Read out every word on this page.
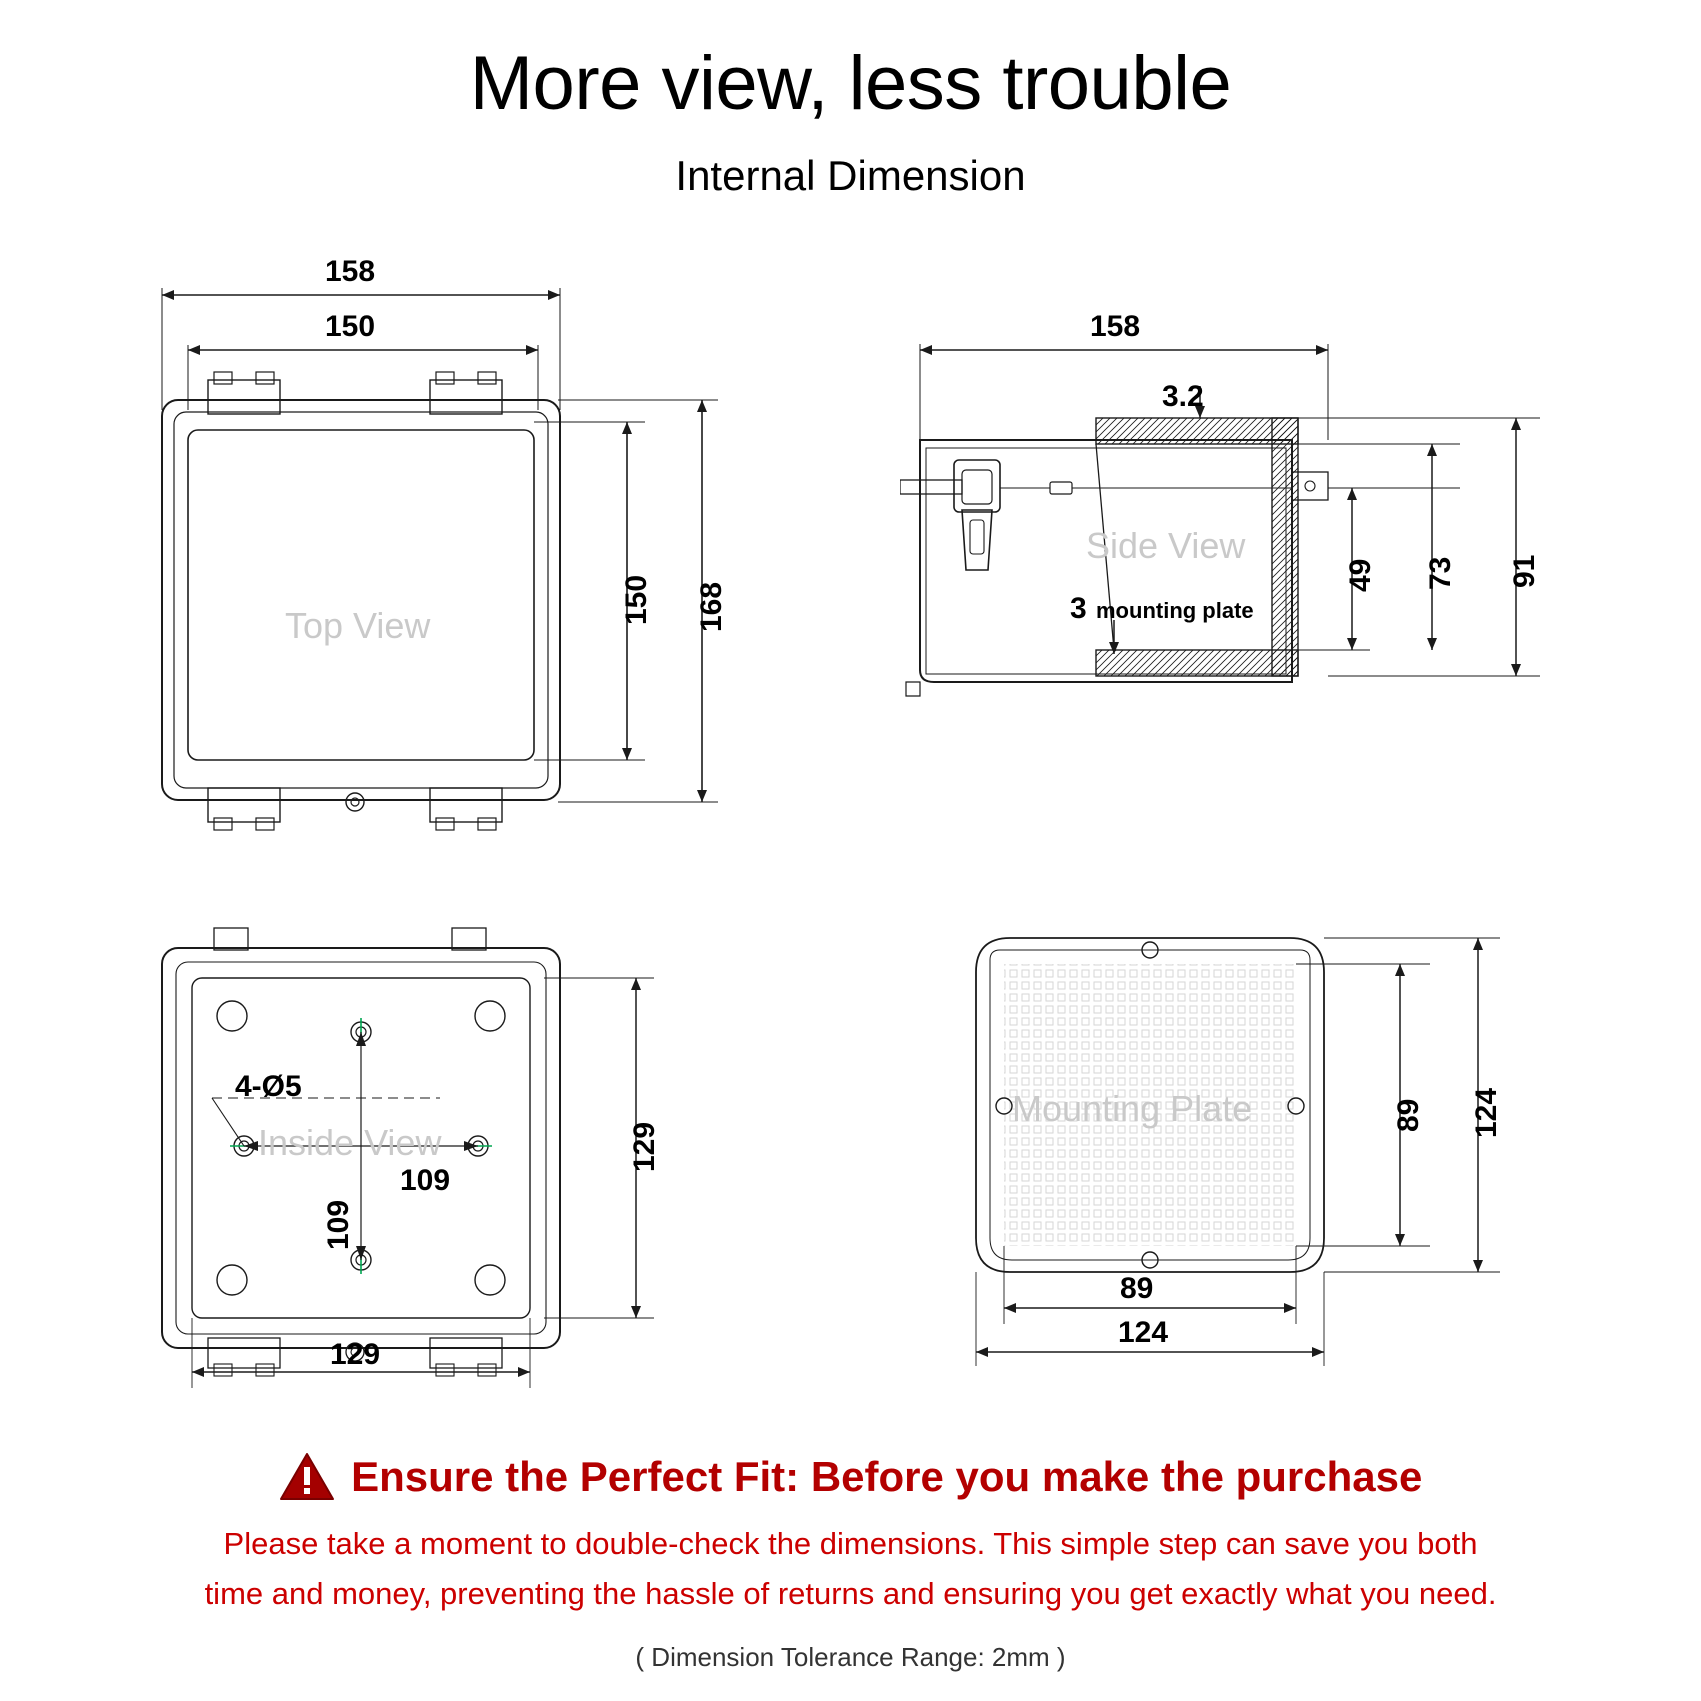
More view, less trouble
Internal Dimension
Top View
158
150
150 168
Side View
158
3.2
3 mounting plate
49 73 91
Inside View
4-Ø5
109
109
129
129
Mounting Plate	89 124
89
124
Ensure the Perfect Fit: Before you make the purchase
Please take a moment to double-check the dimensions. This simple step can save you both
time and money, preventing the hassle of returns and ensuring you get exactly what you need.
( Dimension Tolerance Range: 2mm )
